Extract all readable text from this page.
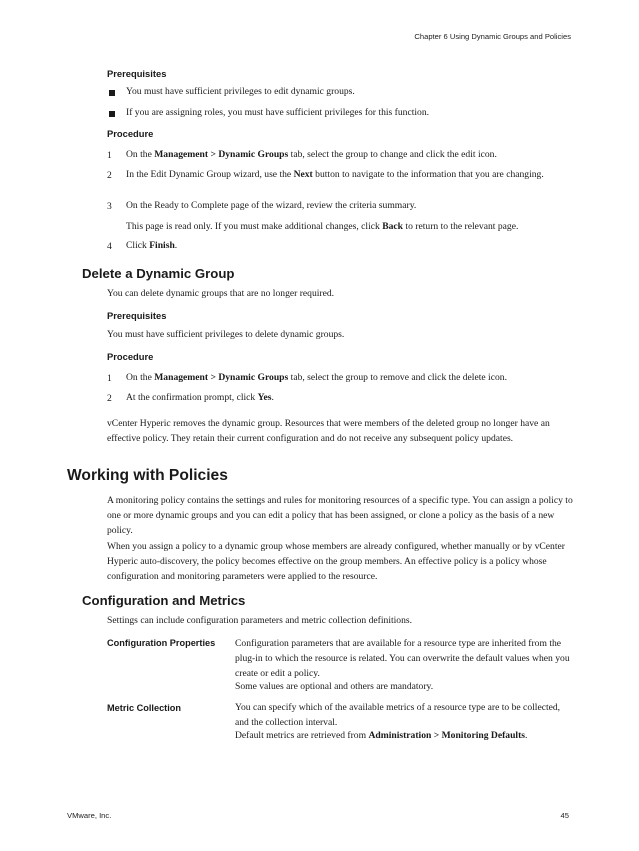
Chapter 6 Using Dynamic Groups and Policies
Prerequisites
You must have sufficient privileges to edit dynamic groups.
If you are assigning roles, you must have sufficient privileges for this function.
Procedure
1	On the Management > Dynamic Groups tab, select the group to change and click the edit icon.
2	In the Edit Dynamic Group wizard, use the Next button to navigate to the information that you are changing.
3	On the Ready to Complete page of the wizard, review the criteria summary.
This page is read only. If you must make additional changes, click Back to return to the relevant page.
4	Click Finish.
Delete a Dynamic Group
You can delete dynamic groups that are no longer required.
Prerequisites
You must have sufficient privileges to delete dynamic groups.
Procedure
1	On the Management > Dynamic Groups tab, select the group to remove and click the delete icon.
2	At the confirmation prompt, click Yes.
vCenter Hyperic removes the dynamic group. Resources that were members of the deleted group no longer have an effective policy. They retain their current configuration and do not receive any subsequent policy updates.
Working with Policies
A monitoring policy contains the settings and rules for monitoring resources of a specific type. You can assign a policy to one or more dynamic groups and you can edit a policy that has been assigned, or clone a policy as the basis of a new policy.
When you assign a policy to a dynamic group whose members are already configured, whether manually or by vCenter Hyperic auto-discovery, the policy becomes effective on the group members. An effective policy is a policy whose configuration and monitoring parameters were applied to the resource.
Configuration and Metrics
Settings can include configuration parameters and metric collection definitions.
Configuration Properties	Configuration parameters that are available for a resource type are inherited from the plug-in to which the resource is related. You can overwrite the default values when you create or edit a policy.
Some values are optional and others are mandatory.
Metric Collection	You can specify which of the available metrics of a resource type are to be collected, and the collection interval.
Default metrics are retrieved from Administration > Monitoring Defaults.
VMware, Inc.	45
